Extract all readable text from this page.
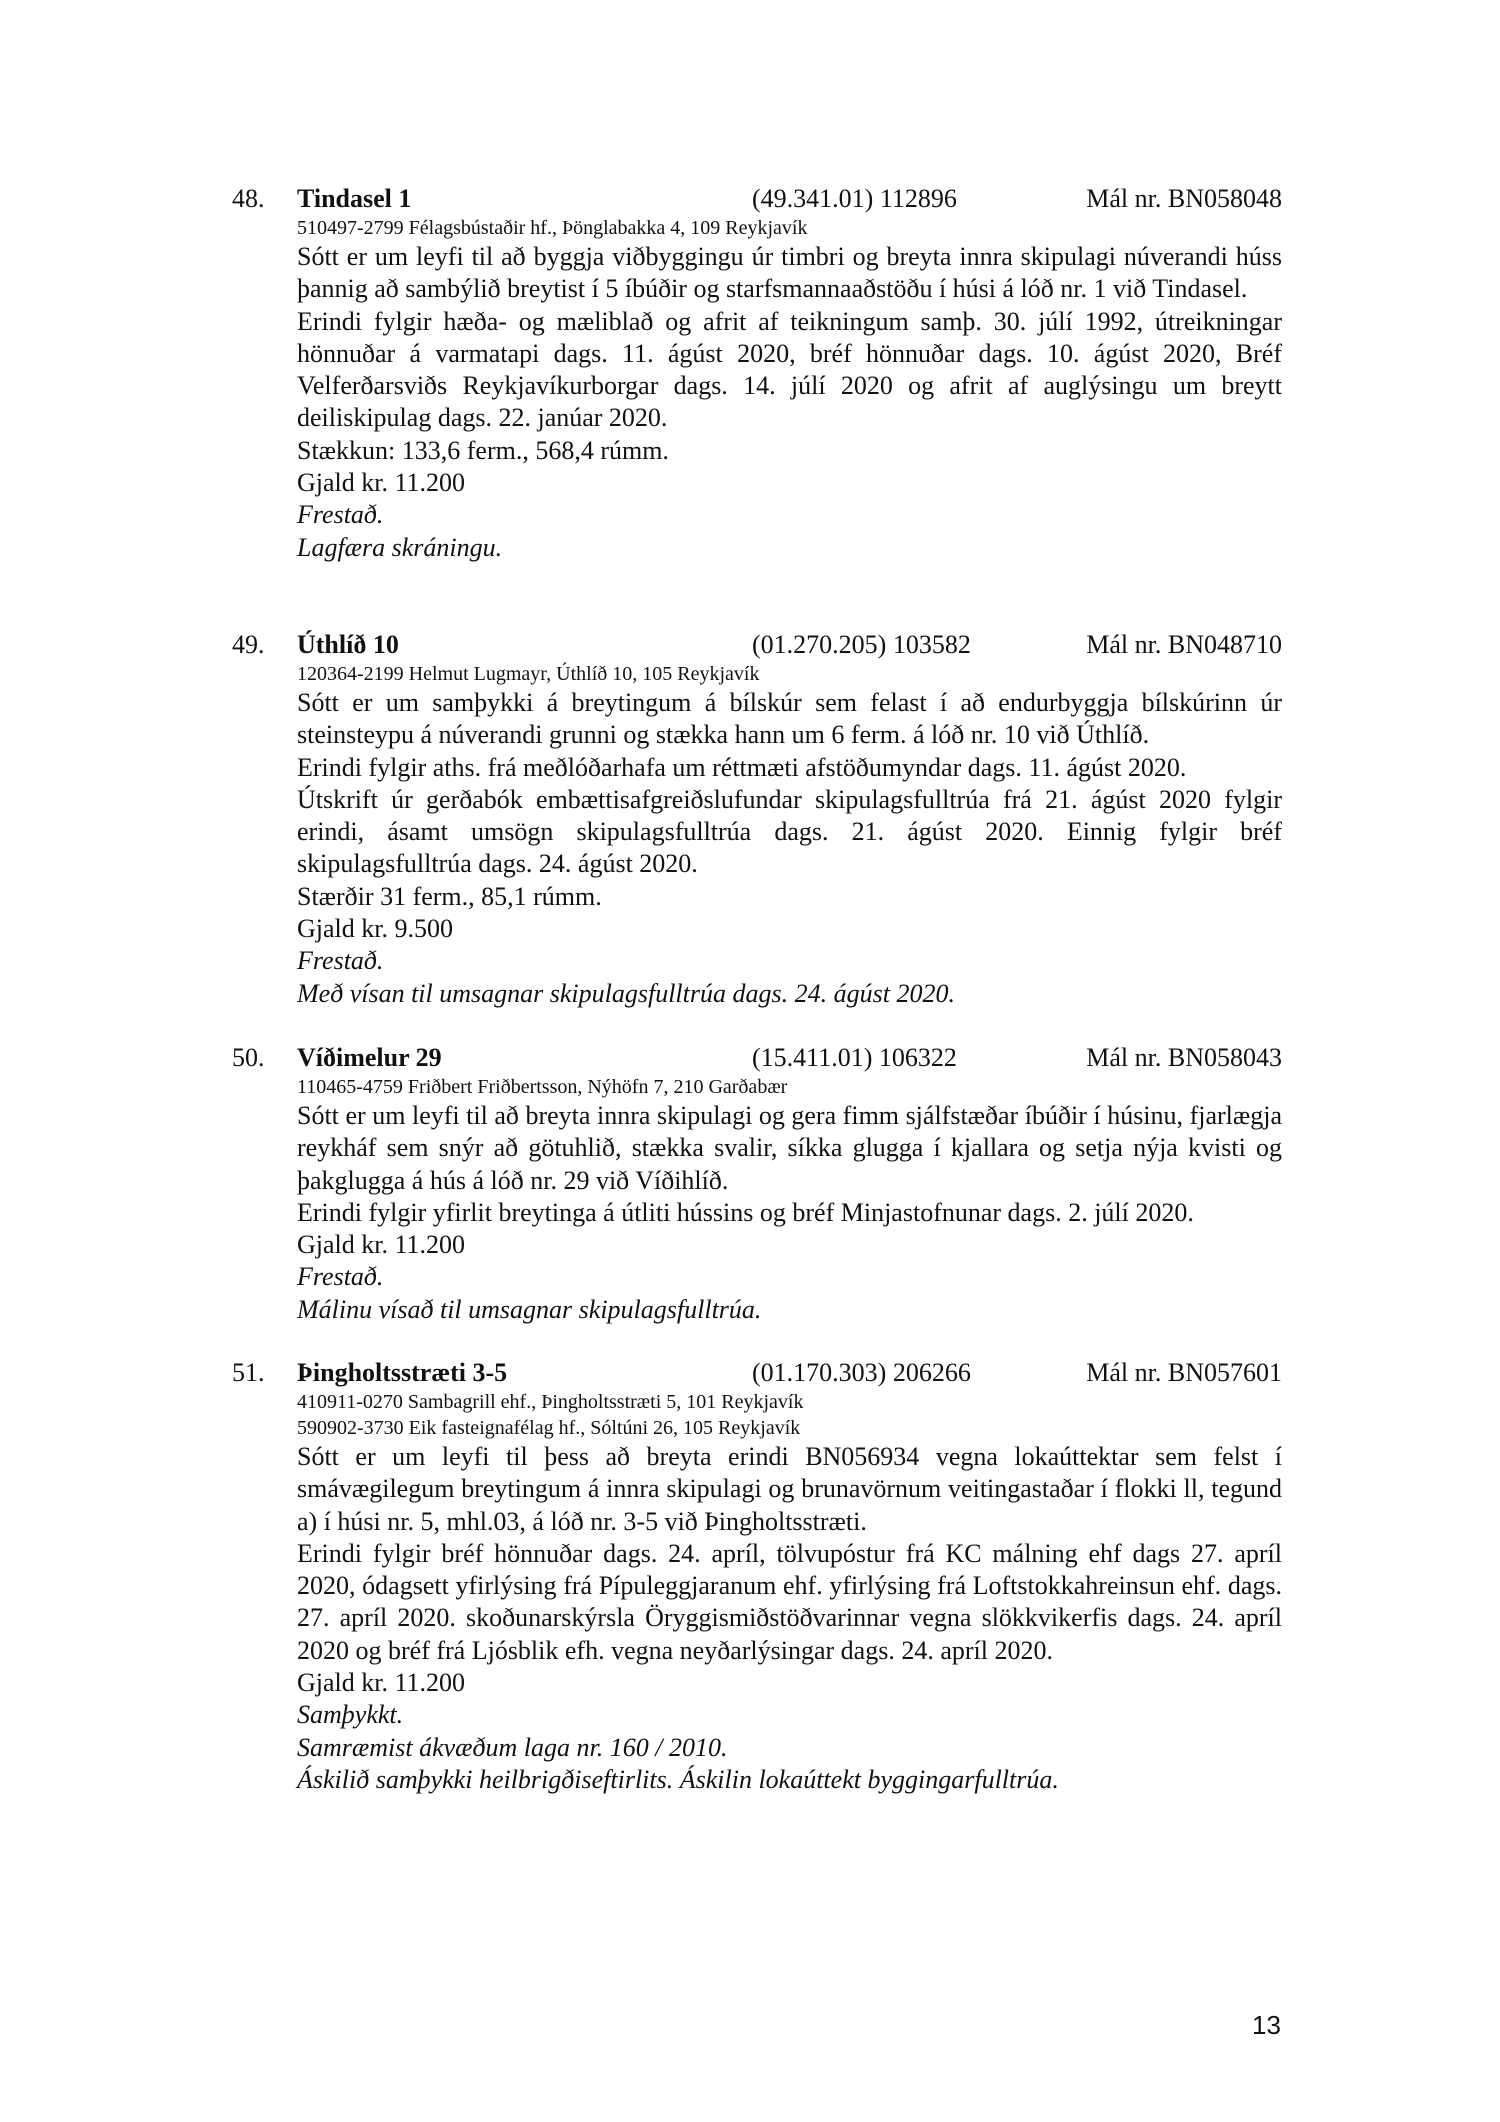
48. Tindasel 1	(49.341.01) 112896	Mál nr. BN058048
510497-2799 Félagsbústaðir hf., Þönglabakka 4, 109 Reykjavík

Sótt er um leyfi til að byggja viðbyggingu úr timbri og breyta innra skipulagi núverandi húss þannig að sambýlið breytist í 5 íbúðir og starfsmannaaðstöðu í húsi á lóð nr. 1 við Tindasel.

Erindi fylgir hæða- og mæliblað og afrit af teikningum samþ. 30. júlí 1992, útreikningar hönnuðar á varmatapi dags. 11. ágúst 2020, bréf hönnuðar dags. 10. ágúst 2020, Bréf Velferðarsviðs Reykjavíkurborgar dags. 14. júlí 2020 og afrit af auglýsingu um breytt deiliskipulag dags. 22. janúar 2020.

Stækkun: 133,6 ferm., 568,4 rúmm.
Gjald kr. 11.200
Frestað.
Lagfæra skráningu.
49. Úthlíð 10	(01.270.205) 103582	Mál nr. BN048710
120364-2199 Helmut Lugmayr, Úthlíð 10, 105 Reykjavík

Sótt er um samþykki á breytingum á bílskúr sem felast í að endurbyggja bílskúrinn úr steinsteypu á núverandi grunni og stækka hann um 6 ferm. á lóð nr. 10 við Úthlíð.

Erindi fylgir aths. frá meðlóðarhafa um réttmæti afstöðumyndar dags. 11. ágúst 2020.

Útskrift úr gerðabók embættisafgreiðslufundar skipulagsfulltrúa frá 21. ágúst 2020 fylgir erindi, ásamt umsögn skipulagsfulltrúa dags. 21. ágúst 2020. Einnig fylgir bréf skipulagsfulltrúa dags. 24. ágúst 2020.

Stærðir 31 ferm., 85,1 rúmm.
Gjald kr. 9.500
Frestað.
Með vísan til umsagnar skipulagsfulltrúa dags. 24. ágúst 2020.
50. Víðimelur 29	(15.411.01) 106322	Mál nr. BN058043
110465-4759 Friðbert Friðbertsson, Nýhöfn 7, 210 Garðabær

Sótt er um leyfi til að breyta innra skipulagi og gera fimm sjálfstæðar íbúðir í húsinu, fjarlægja reykháf sem snýr að götuhlið, stækka svalir, síkka glugga í kjallara og setja nýja kvisti og þakglugga á hús á lóð nr. 29 við Víðihlíð.

Erindi fylgir yfirlit breytinga á útliti hússins og bréf Minjastofnunar dags. 2. júlí 2020.

Gjald kr. 11.200
Frestað.
Málinu vísað til umsagnar skipulagsfulltrúa.
51. Þingholtsstræti 3-5	(01.170.303) 206266	Mál nr. BN057601
410911-0270 Sambagrill ehf., Þingholtsstræti 5, 101 Reykjavík
590902-3730 Eik fasteignafélag hf., Sóltúni 26, 105 Reykjavík

Sótt er um leyfi til þess að breyta erindi BN056934 vegna lokaúttektar sem felst í smávægilegum breytingum á innra skipulagi og brunavörnum veitingastaðar í flokki ll, tegund a) í húsi nr. 5, mhl.03, á lóð nr. 3-5 við Þingholtsstræti.

Erindi fylgir bréf hönnuðar dags. 24. apríl, tölvupóstur frá KC málning ehf dags 27. apríl 2020, ódagsett yfirlýsing frá Pípuleggjaranum ehf. yfirlýsing frá Loftstokkahreinsun ehf. dags. 27. apríl 2020. skoðunarskýrsla Öryggismiðstöðvarinnar vegna slökkvikerfis dags. 24. apríl 2020 og bréf frá Ljósblik efh. vegna neyðarlýsingar dags. 24. apríl 2020.

Gjald kr. 11.200
Samþykkt.
Samræmist ákvæðum laga nr. 160 / 2010.
Áskilið samþykki heilbrigðiseftirlits. Áskilin lokaúttekt byggingarfulltrúa.
13
